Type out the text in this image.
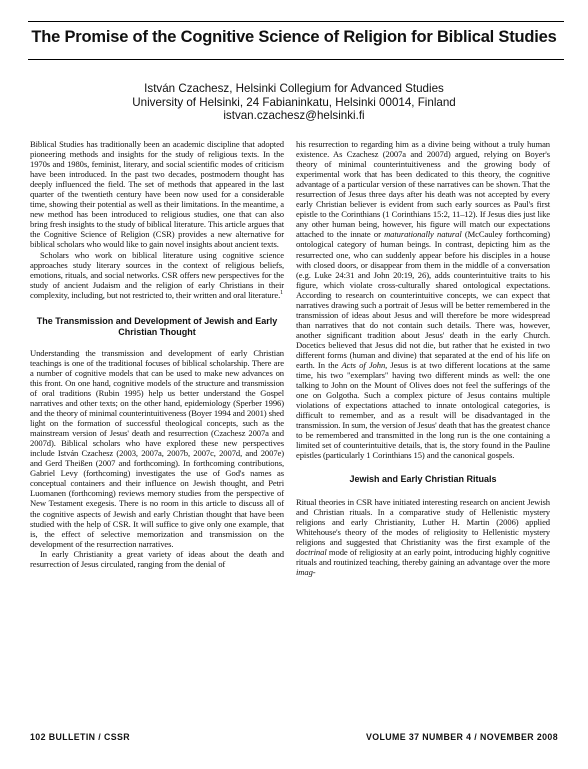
The Promise of the Cognitive Science of Religion for Biblical Studies
István Czachesz, Helsinki Collegium for Advanced Studies
University of Helsinki, 24 Fabianinkatu, Helsinki 00014, Finland
istvan.czachesz@helsinki.fi

Biblical Studies has traditionally been an academic discipline that adopted pioneering methods and insights for the study of religious texts. In the 1970s and 1980s, feminist, literary, and social scientific modes of criticism have been introduced. In the past two decades, postmodern thought has deeply influenced the field. The set of methods that appeared in the last quarter of the twentieth century have been now used for a considerable time, showing their potential as well as their limitations. In the meantime, a new method has been introduced to religious studies, one that can also bring fresh insights to the study of biblical literature. This article argues that the Cognitive Science of Religion (CSR) provides a new alternative for biblical scholars who would like to gain novel insights about ancient texts.

Scholars who work on biblical literature using cognitive science approaches study literary sources in the context of religious beliefs, emotions, rituals, and social networks. CSR offers new perspectives for the study of ancient Judaism and the religion of early Christians in their complexity, including, but not restricted to, their written and oral literature.$^1$

The Transmission and Development of Jewish and Early Christian Thought

Understanding the transmission and development of early Christian teachings is one of the traditional focuses of biblical scholarship. There are a number of cognitive models that can be used to make new advances on this front. On one hand, cognitive models of the structure and transmission of oral traditions (Rubin 1995) help us better understand the Gospel narratives and other texts; on the other hand, epidemiology (Sperber 1996) and the theory of minimal counterintuitiveness (Boyer 1994 and 2001) shed light on the formation of successful theological concepts, such as the mainstream version of Jesus' death and resurrection (Czachesz 2007a and 2007d). Biblical scholars who have explored these new perspectives include István Czachesz (2003, 2007a, 2007b, 2007c, 2007d, and 2007e) and Gerd Theißen (2007 and forthcoming). In forthcoming contributions, Gabriel Levy (forthcoming) investigates the use of God's names as conceptual containers and their influence on Jewish thought, and Petri Luomanen (forthcoming) reviews memory studies from the perspective of New Testament exegesis. There is no room in this article to discuss all of the cognitive aspects of Jewish and early Christian thought that have been studied with the help of CSR. It will suffice to give only one example, that is, the effect of selective memorization and transmission on the development of the resurrection narratives.

In early Christianity a great variety of ideas about the death and resurrection of Jesus circulated, ranging from the denial of

his resurrection to regarding him as a divine being without a truly human existence. As Czachesz (2007a and 2007d) argued, relying on Boyer's theory of minimal counterintuitiveness and the growing body of experimental work that has been dedicated to this theory, the cognitive advantage of a particular version of these narratives can be shown. That the resurrection of Jesus three days after his death was not accepted by every early Christian believer is evident from such early sources as Paul's first epistle to the Corinthians (1 Corinthians 15:2, 11–12). If Jesus dies just like any other human being, however, his figure will match our expectations attached to the innate or maturationally natural (McCauley forthcoming) ontological category of human beings. In contrast, depicting him as the resurrected one, who can suddenly appear before his disciples in a house with closed doors, or disappear from them in the middle of a conversation (e.g. Luke 24:31 and John 20:19, 26), adds counterintuitive traits to his figure, which violate cross-culturally shared ontological expectations. According to research on counterintuitive concepts, we can expect that narratives drawing such a portrait of Jesus will be better remembered in the transmission of ideas about Jesus and will therefore be more widespread than narratives that do not contain such details. There was, however, another significant tradition about Jesus' death in the early Church. Docetics believed that Jesus did not die, but rather that he existed in two different forms (human and divine) that separated at the end of his life on earth. In the Acts of John, Jesus is at two different locations at the same time, his two "exemplars" having two different minds as well: the one talking to John on the Mount of Olives does not feel the sufferings of the one on Golgotha. Such a complex picture of Jesus contains multiple violations of expectations attached to innate ontological categories, is difficult to remember, and as a result will be disadvantaged in the transmission. In sum, the version of Jesus' death that has the greatest chance to be remembered and transmitted in the long run is the one containing a limited set of counterintuitive details, that is, the story found in the Pauline epistles (particularly 1 Corinthians 15) and the canonical gospels.

Jewish and Early Christian Rituals

Ritual theories in CSR have initiated interesting research on ancient Jewish and Christian rituals. In a comparative study of Hellenistic mystery religions and early Christianity, Luther H. Martin (2006) applied Whitehouse's theory of the modes of religiosity to Hellenistic mystery religions and suggested that Christianity was the first example of the doctrinal mode of religiosity at an early point, introducing highly cognitive rituals and routinized teaching, thereby gaining an advantage over the more imag-

102 BULLETIN / CSSR	VOLUME 37 NUMBER 4 / NOVEMBER 2008
